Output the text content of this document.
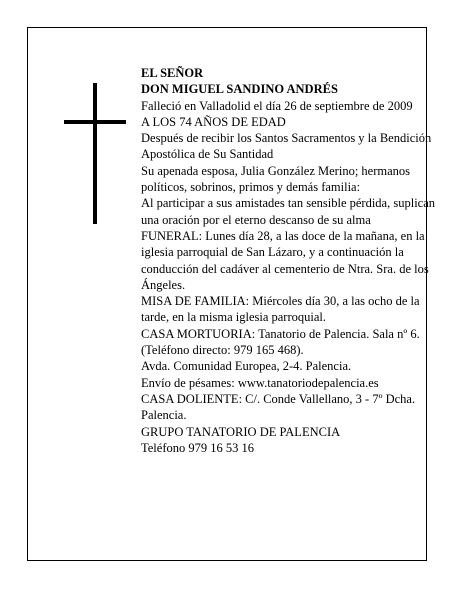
EL SEÑOR

DON MIGUEL SANDINO ANDRÉS

Falleció en Valladolid el día 26 de septiembre de 2009

A LOS 74 AÑOS DE EDAD

Después de recibir los Santos Sacramentos y la Bendición Apostólica de Su Santidad

Su apenada esposa, Julia González Merino; hermanos políticos, sobrinos, primos y demás familia:

Al participar a sus amistades tan sensible pérdida, suplican una oración por el eterno descanso de su alma

FUNERAL: Lunes día 28, a las doce de la mañana, en la iglesia parroquial de San Lázaro, y a continuación la conducción del cadáver al cementerio de Ntra. Sra. de los Ángeles.

MISA DE FAMILIA: Miércoles día 30, a las ocho de la tarde, en la misma iglesia parroquial.

CASA MORTUORIA: Tanatorio de Palencia. Sala nº 6. (Teléfono directo: 979 165 468).

Avda. Comunidad Europea, 2-4. Palencia.

Envío de pésames: www.tanatoriodepalencia.es

CASA DOLIENTE: C/. Conde Vallellano, 3 - 7º Dcha. Palencia.

GRUPO TANATORIO DE PALENCIA

Teléfono 979 16 53 16
